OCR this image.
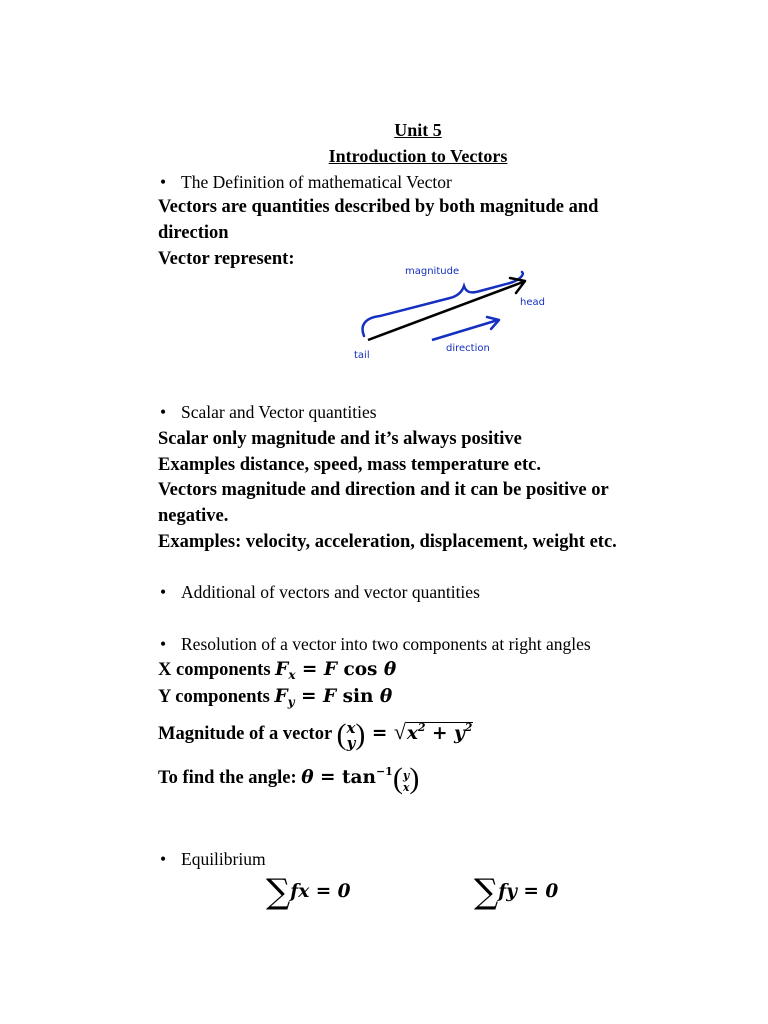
Unit 5
Introduction to Vectors
• The Definition of mathematical Vector
Vectors are quantities described by both magnitude and
direction
Vector represent:
magnitude
head
direction
tail
• Scalar and Vector quantities
Scalar only magnitude and it’s always positive
Examples distance, speed, mass temperature etc.
Vectors magnitude and direction and it can be positive or
negative.
Examples: velocity, acceleration, displacement, weight etc.
• Additional of vectors and vector quantities
• Resolution of a vector into two components at right angles
X components $F_x = F$ cos θ
Y components $F_y = F$ sin θ
Magnitude of a vector (x
$y) = √x^2 + y^2$
To find the angle: $\theta = \tan^{-1}(y$
x)
• Equilibrium
∑fx = 0	∑fy = 0
